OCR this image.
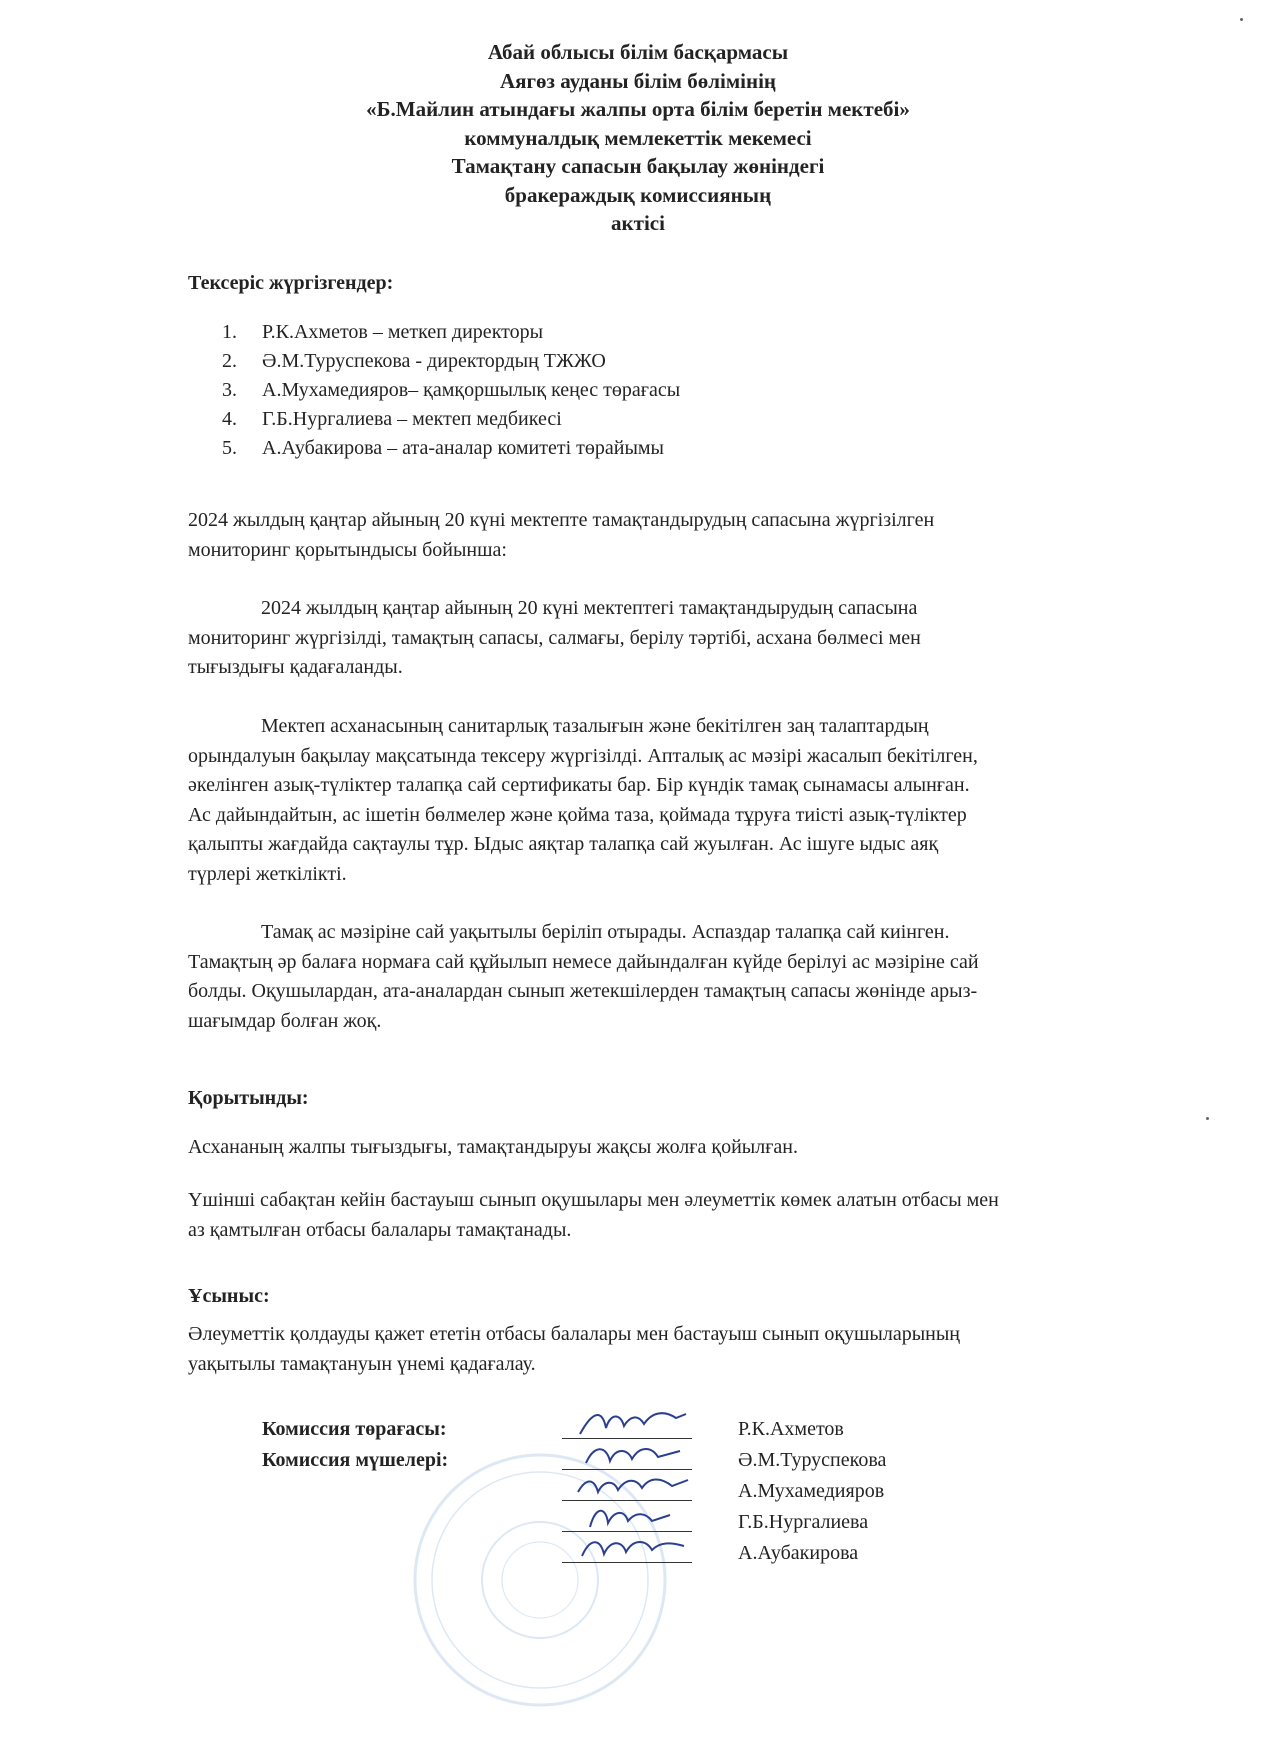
Абай облысы білім басқармасы
Аягөз ауданы білім бөлімінің
«Б.Майлин атындағы жалпы орта білім беретін мектебі»
коммуналдық мемлекеттік мекемесі
Тамақтану сапасын бақылау жөніндегі
бракераждық комиссияның
актісі
Тексеріс жүргізгендер:
1.	Р.К.Ахметов – меткеп директоры
2.	Ә.М.Туруспекова - директордың ТЖЖО
3.	А.Мухамедияров– қамқоршылық кеңес төрағасы
4.	Г.Б.Нургалиева – мектеп медбикесі
5.	А.Аубакирова – ата-аналар комитеті төрайымы
2024 жылдың қаңтар айының 20 күні мектепте тамақтандырудың сапасына жүргізілген
мониторинг қорытындысы бойынша:
2024 жылдың қаңтар айының 20 күні мектептегі тамақтандырудың сапасына
мониторинг жүргізілді, тамақтың сапасы, салмағы, берілу тәртібі, асхана бөлмесі мен
тығыздығы қадағаланды.
Мектеп асханасының санитарлық тазалығын және бекітілген заң талаптардың
орындалуын бақылау мақсатында тексеру жүргізілді. Апталық ас мәзірі жасалып бекітілген,
әкелінген азық-түліктер талапқа сай сертификаты бар. Бір күндік тамақ сынамасы алынған.
Ас дайындайтын, ас ішетін бөлмелер және қойма таза, қоймада тұруға тиісті азық-түліктер
қалыпты жағдайда сақтаулы тұр. Ыдыс аяқтар талапқа сай жуылған. Ас ішуге ыдыс аяқ
түрлері жеткілікті.
Тамақ ас мәзіріне сай уақытылы беріліп отырады. Аспаздар талапқа сай киінген.
Тамақтың әр балаға нормаға сай құйылып немесе дайындалған күйде берілуі ас мәзіріне сай
болды. Оқушылардан, ата-аналардан сынып жетекшілерден тамақтың сапасы жөнінде арыз-
шағымдар болған жоқ.
Қорытынды:
Асхананың жалпы тығыздығы, тамақтандыруы жақсы жолға қойылған.
Үшінші сабақтан кейін бастауыш сынып оқушылары мен әлеуметтік көмек алатын отбасы мен
аз қамтылған отбасы балалары тамақтанады.
Ұсыныс:
Әлеуметтік қолдауды қажет ететін отбасы балалары мен бастауыш сынып оқушыларының
уақытылы тамақтануын үнемі қадағалау.
Комиссия төрағасы:	Р.К.Ахметов
Комиссия мүшелері:	Ә.М.Туруспекова
А.Мухамедияров
Г.Б.Нургалиева
А.Аубакирова
